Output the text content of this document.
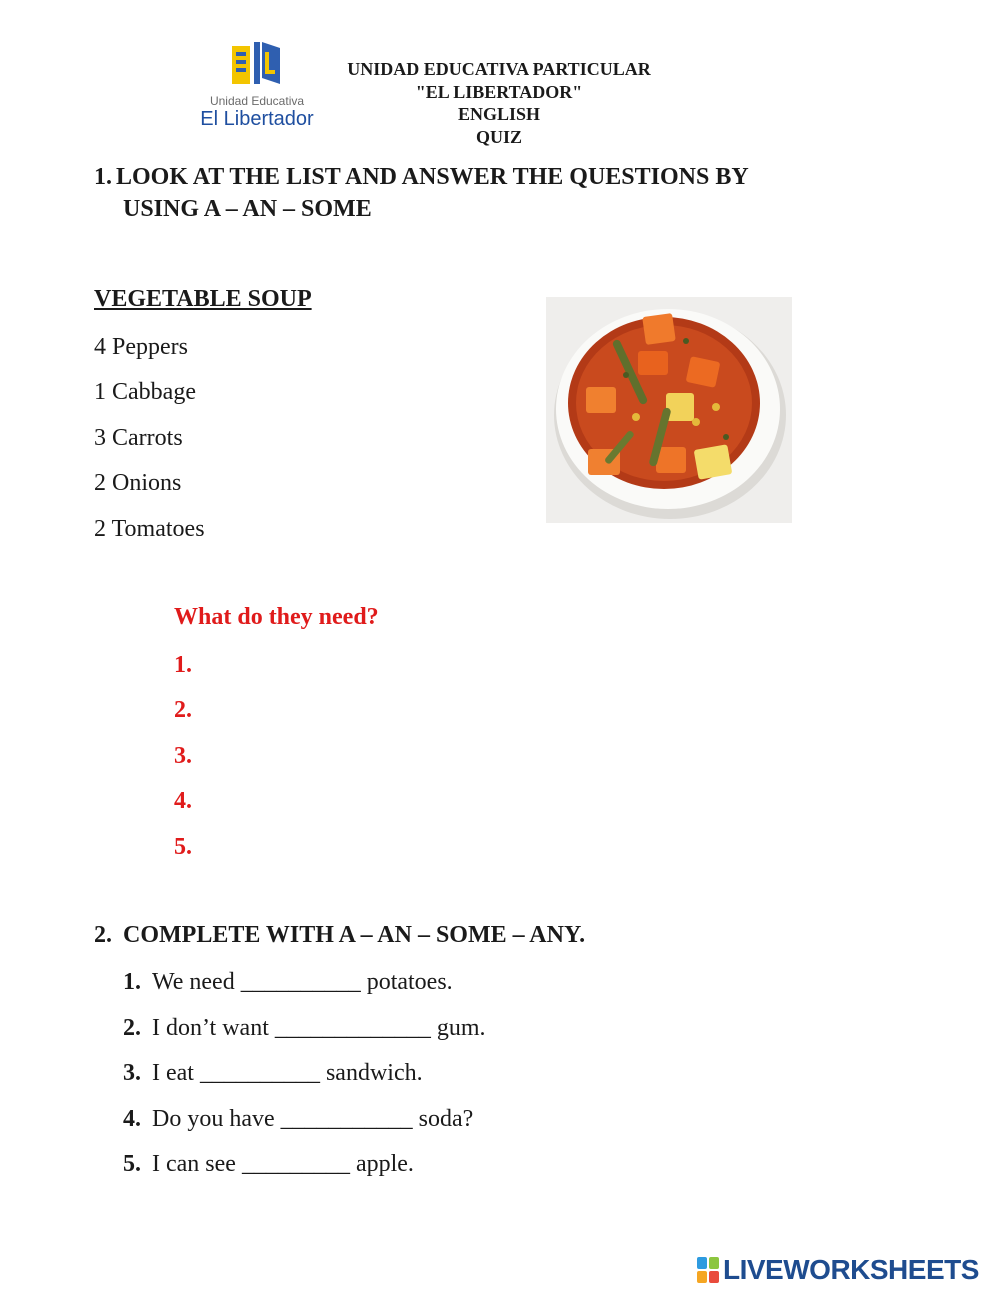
Unidad Educativa
El Libertador
UNIDAD EDUCATIVA PARTICULAR
"EL LIBERTADOR"
ENGLISH
QUIZ
1. LOOK AT THE LIST AND ANSWER THE QUESTIONS BY
USING A – AN – SOME
VEGETABLE SOUP
4 Peppers
1 Cabbage
3 Carrots
2 Onions
2 Tomatoes
What do they need?
1.
2.
3.
4.
5.
2. COMPLETE WITH A – AN – SOME – ANY.
1. We need __________ potatoes.
2. I don’t want _____________ gum.
3. I eat __________ sandwich.
4. Do you have ___________ soda?
5. I can see _________ apple.
LIVEWORKSHEETS
